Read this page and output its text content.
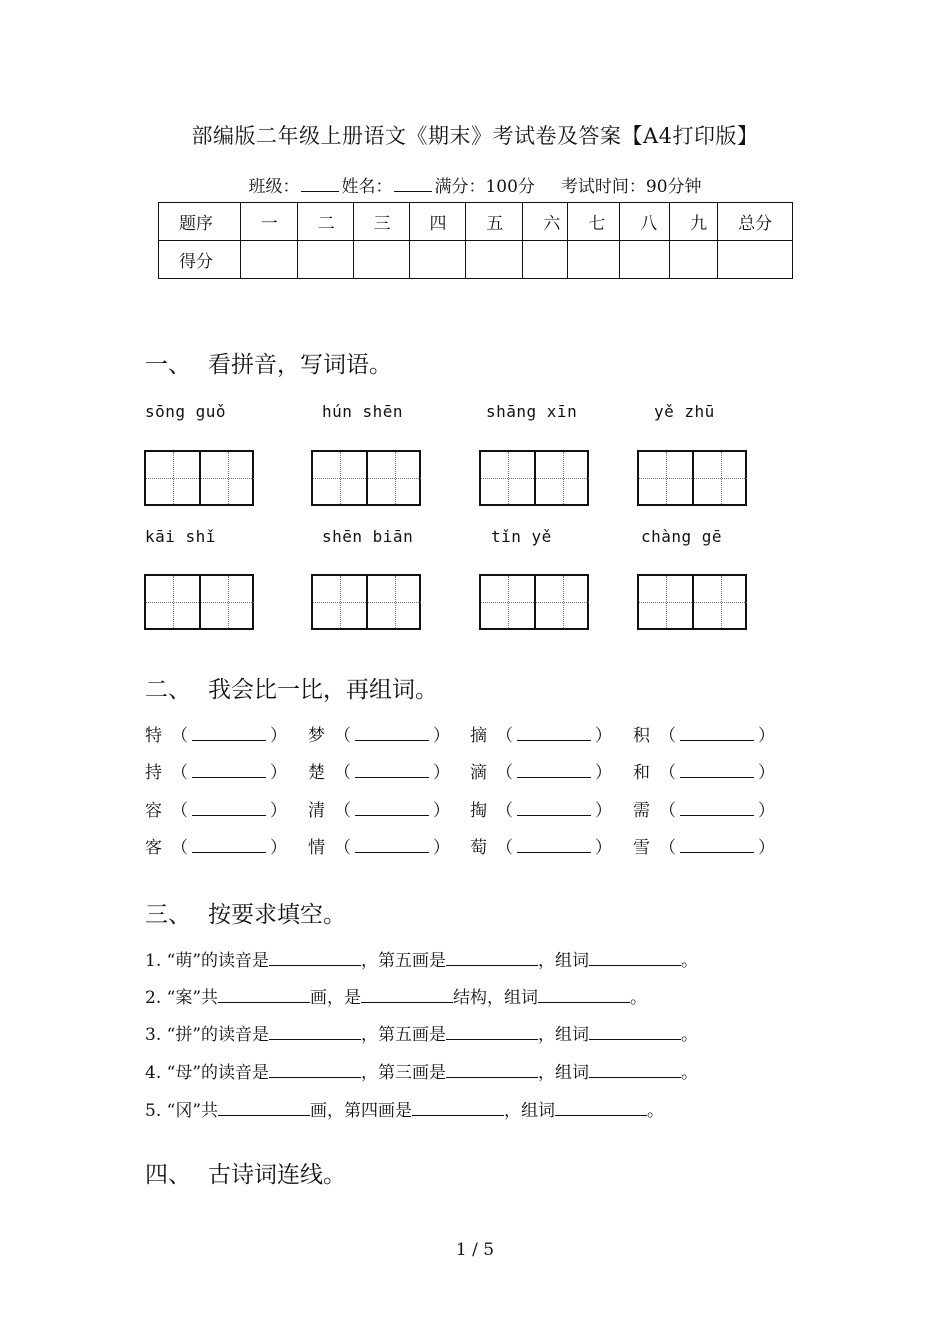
部编版二年级上册语文《期末》考试卷及答案【A4打印版】
班级： 姓名： 满分：100分 考试时间：90分钟
题序	一	二	三	四	五	六	七	八	九	总分
得分										
一、 看拼音，写词语。
sōng guǒ	hún shēn	shāng xīn	yě zhū
kāi shǐ	shēn biān	tǐn yě	chàng gē
二、 我会比一比，再组词。
特 （	） 梦 （	） 摘 （	） 积 （	）
持 （	） 楚 （	） 滴 （	） 和 （	）
容 （	） 清 （	） 掏 （	） 需 （	）
客 （	） 情 （	） 萄 （	） 雪 （	）
三、 按要求填空。
1. “萌”的读音是	，第五画是	，组词	。
2. “案”共	画，是	结构，组词	。
3. “拼”的读音是	，第五画是	，组词	。
4. “母”的读音是	，第三画是	，组词	。
5. “冈”共	画，第四画是	，组词	。
四、 古诗词连线。
1 / 5
